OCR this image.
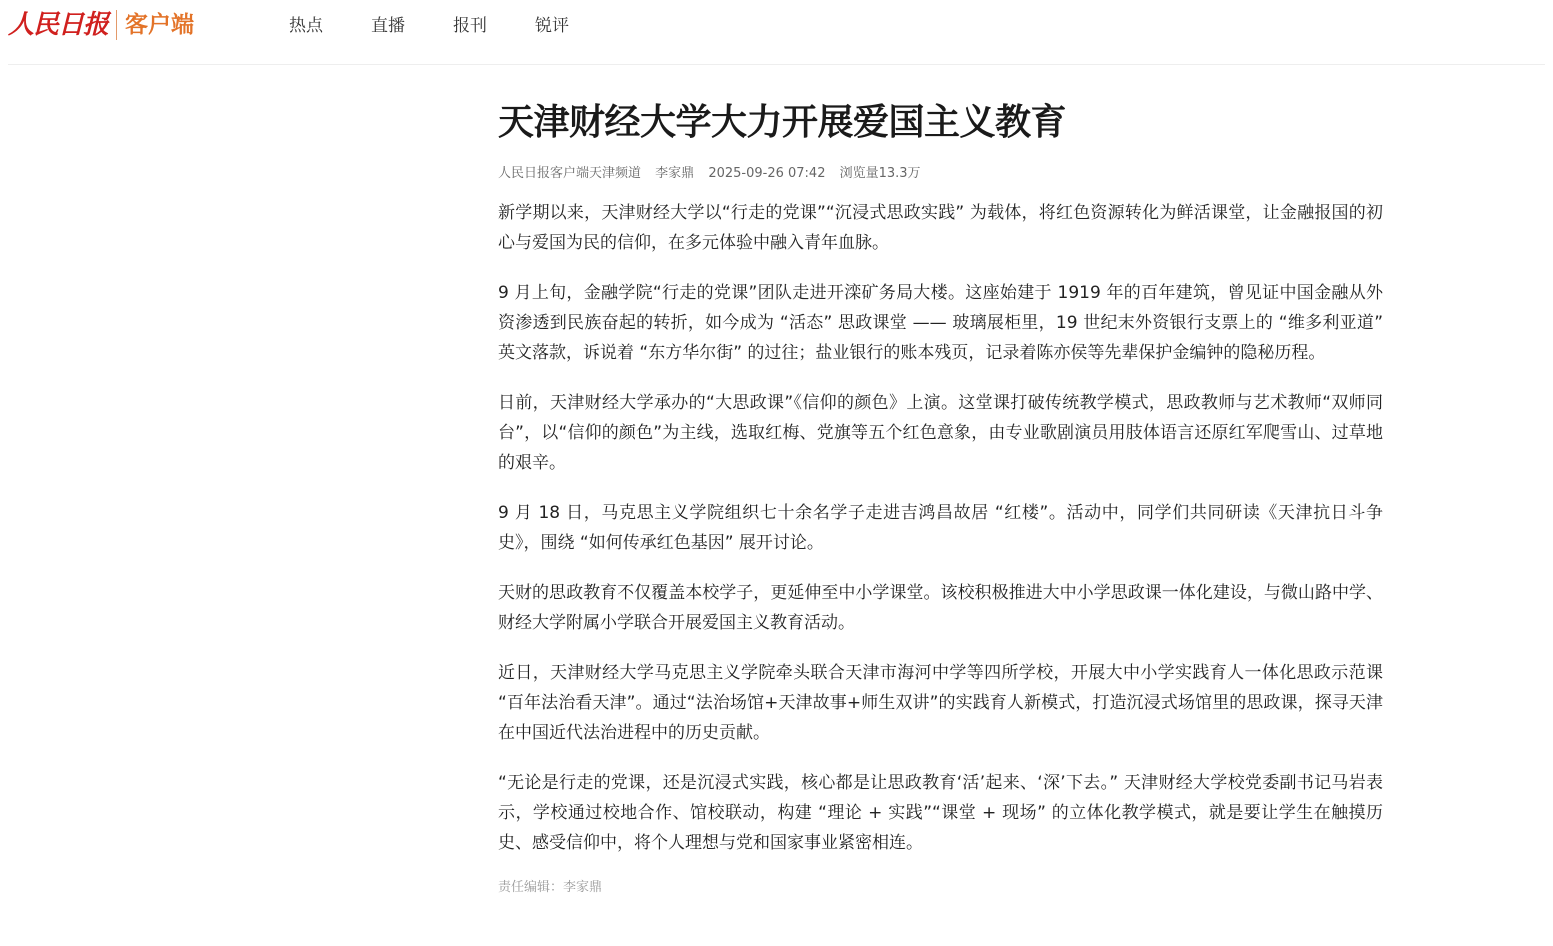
人民日报 客户端	热点	直播	报刊	锐评
天津财经大学大力开展爱国主义教育
人民日报客户端天津频道 李家鼎 2025-09-26 07:42 浏览量13.3万

新学期以来，天津财经大学以“行走的党课”“沉浸式思政实践” 为载体，将红色资源转化为鲜活课堂，让金融报国的初心与爱国为民的信仰，在多元体验中融入青年血脉。

9 月上旬，金融学院“行走的党课”团队走进开滦矿务局大楼。这座始建于 1919 年的百年建筑，曾见证中国金融从外资渗透到民族奋起的转折，如今成为 “活态” 思政课堂 —— 玻璃展柜里，19 世纪末外资银行支票上的 “维多利亚道” 英文落款，诉说着 “东方华尔街” 的过往；盐业银行的账本残页，记录着陈亦侯等先辈保护金编钟的隐秘历程。

日前，天津财经大学承办的“大思政课”《信仰的颜色》上演。这堂课打破传统教学模式，思政教师与艺术教师“双师同台”，以“信仰的颜色”为主线，选取红梅、党旗等五个红色意象，由专业歌剧演员用肢体语言还原红军爬雪山、过草地的艰辛。

9 月 18 日，马克思主义学院组织七十余名学子走进吉鸿昌故居 “红楼”。活动中，同学们共同研读《天津抗日斗争史》，围绕 “如何传承红色基因” 展开讨论。

天财的思政教育不仅覆盖本校学子，更延伸至中小学课堂。该校积极推进大中小学思政课一体化建设，与微山路中学、财经大学附属小学联合开展爱国主义教育活动。

近日，天津财经大学马克思主义学院牵头联合天津市海河中学等四所学校，开展大中小学实践育人一体化思政示范课 “百年法治看天津”。通过“法治场馆+天津故事+师生双讲”的实践育人新模式，打造沉浸式场馆里的思政课，探寻天津在中国近代法治进程中的历史贡献。

“无论是行走的党课，还是沉浸式实践，核心都是让思政教育‘活’起来、‘深’下去。” 天津财经大学校党委副书记马岩表示，学校通过校地合作、馆校联动，构建 “理论 + 实践”“课堂 + 现场” 的立体化教学模式，就是要让学生在触摸历史、感受信仰中，将个人理想与党和国家事业紧密相连。

责任编辑：李家鼎
